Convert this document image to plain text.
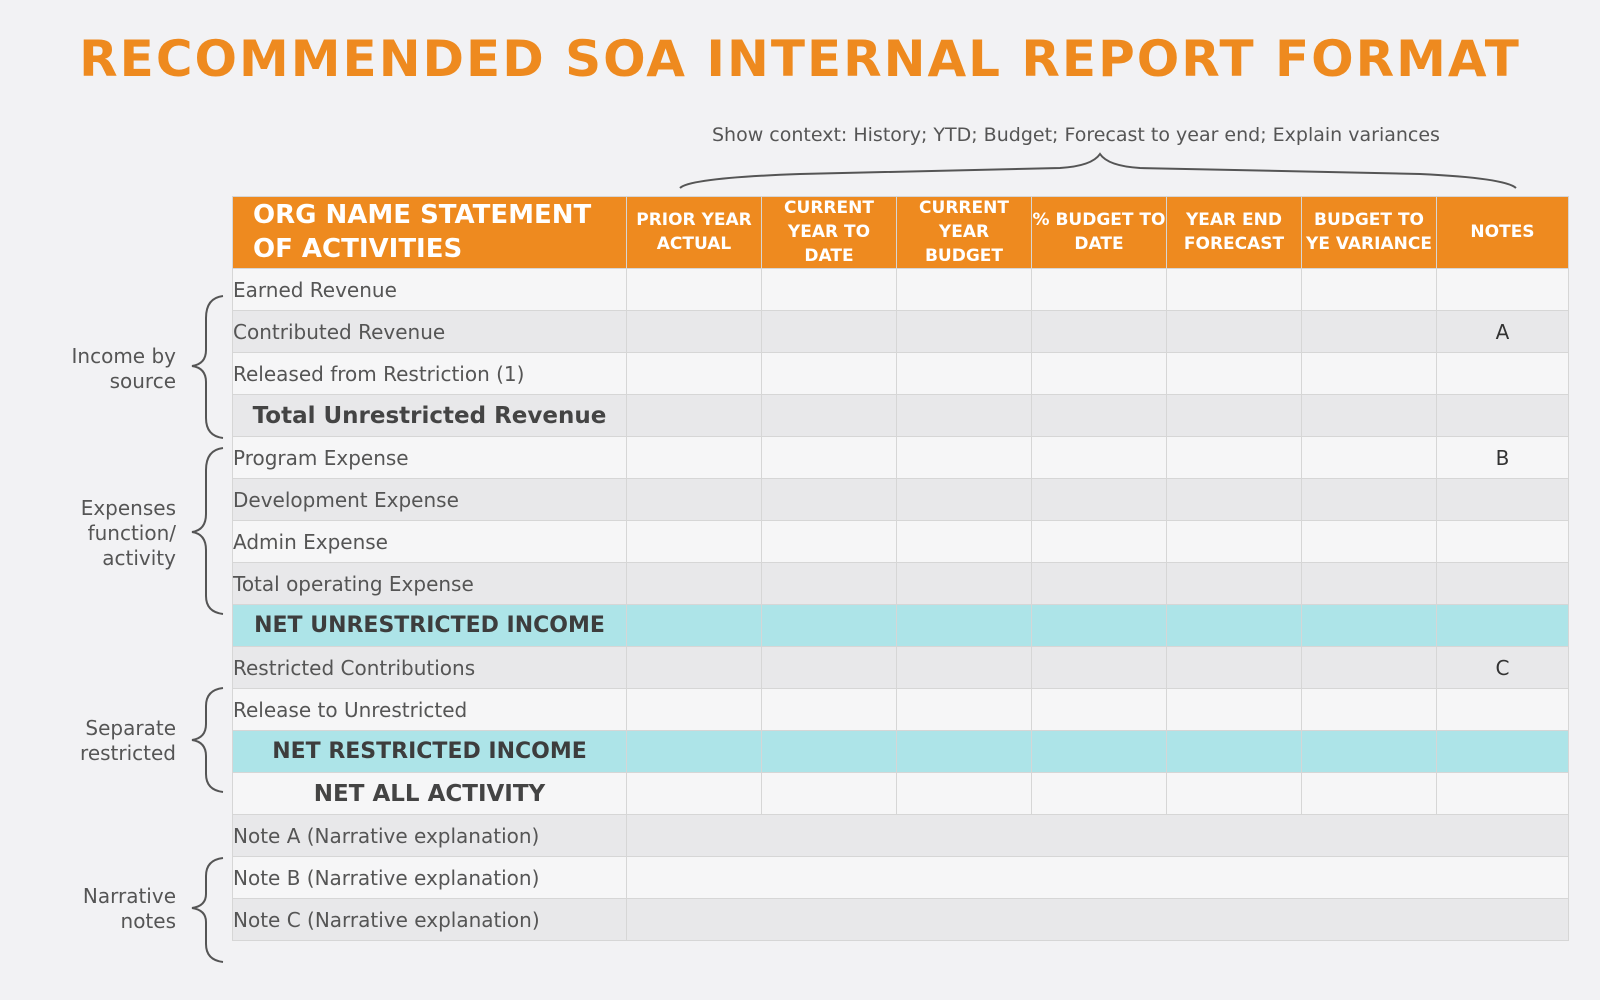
RECOMMENDED SOA INTERNAL REPORT FORMAT
Show context: History; YTD; Budget; Forecast to year end; Explain variances
ORG NAME STATEMENT OF ACTIVITIES	PRIOR YEAR ACTUAL	CURRENT YEAR TO DATE	CURRENT YEAR BUDGET	% BUDGET TO DATE	YEAR END FORECAST	BUDGET TO YE VARIANCE	NOTES
Earned Revenue							
Contributed Revenue							A
Released from Restriction (1)							
Total Unrestricted Revenue							
Program Expense							B
Development Expense							
Admin Expense							
Total operating Expense							
NET UNRESTRICTED INCOME							
Restricted Contributions							C
Release to Unrestricted							
NET RESTRICTED INCOME							
NET ALL ACTIVITY							
Note A (Narrative explanation)							
Note B (Narrative explanation)							
Note C (Narrative explanation)							
Income by
source
Expenses
function/
activity
Separate
restricted
Narrative
notes
